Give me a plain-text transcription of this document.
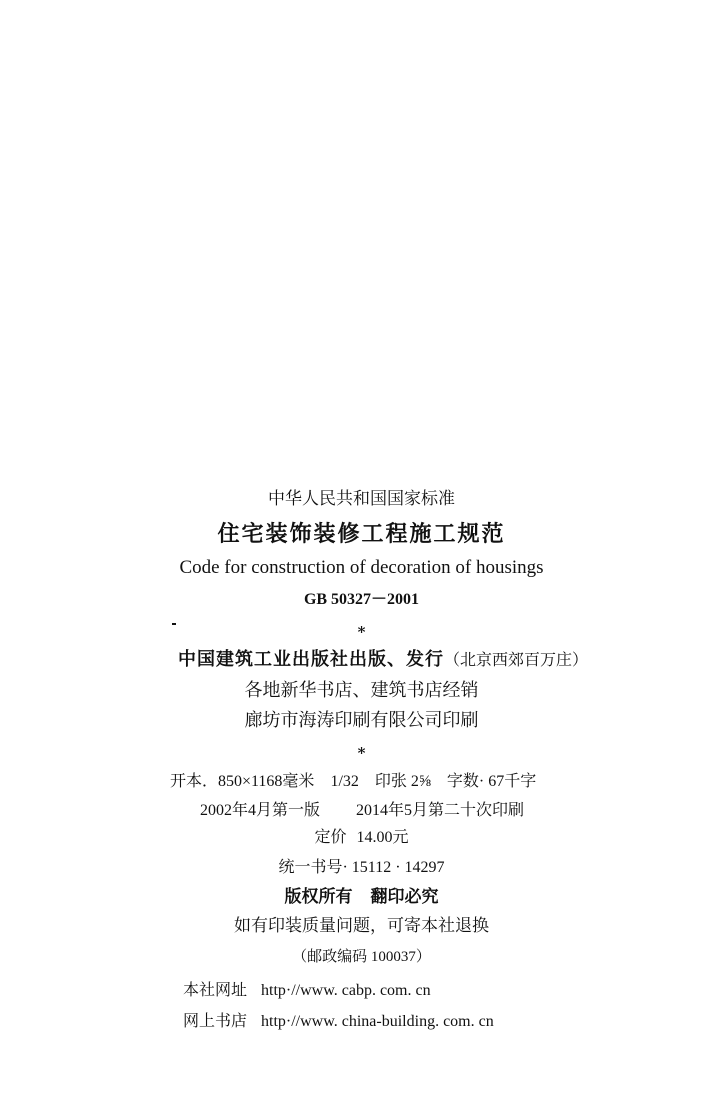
中华人民共和国国家标准
住宅装饰装修工程施工规范
Code for construction of decoration of housings
GB 50327－2001
*
中国建筑工业出版社出版、发行（北京西郊百万庄）
各地新华书店、建筑书店经销
廊坊市海涛印刷有限公司印刷
*
开本．850×1168毫米 1/32 印张 2⅝ 字数· 67千字
2002年4月第一版 2014年5月第二十次印刷
定价 14.00元
统一书号· 15112 · 14297
版权所有 翻印必究
如有印装质量问题，可寄本社退换
（邮政编码 100037）
本社网址 http·//www. cabp. com. cn
网上书店 http·//www. china-building. com. cn
